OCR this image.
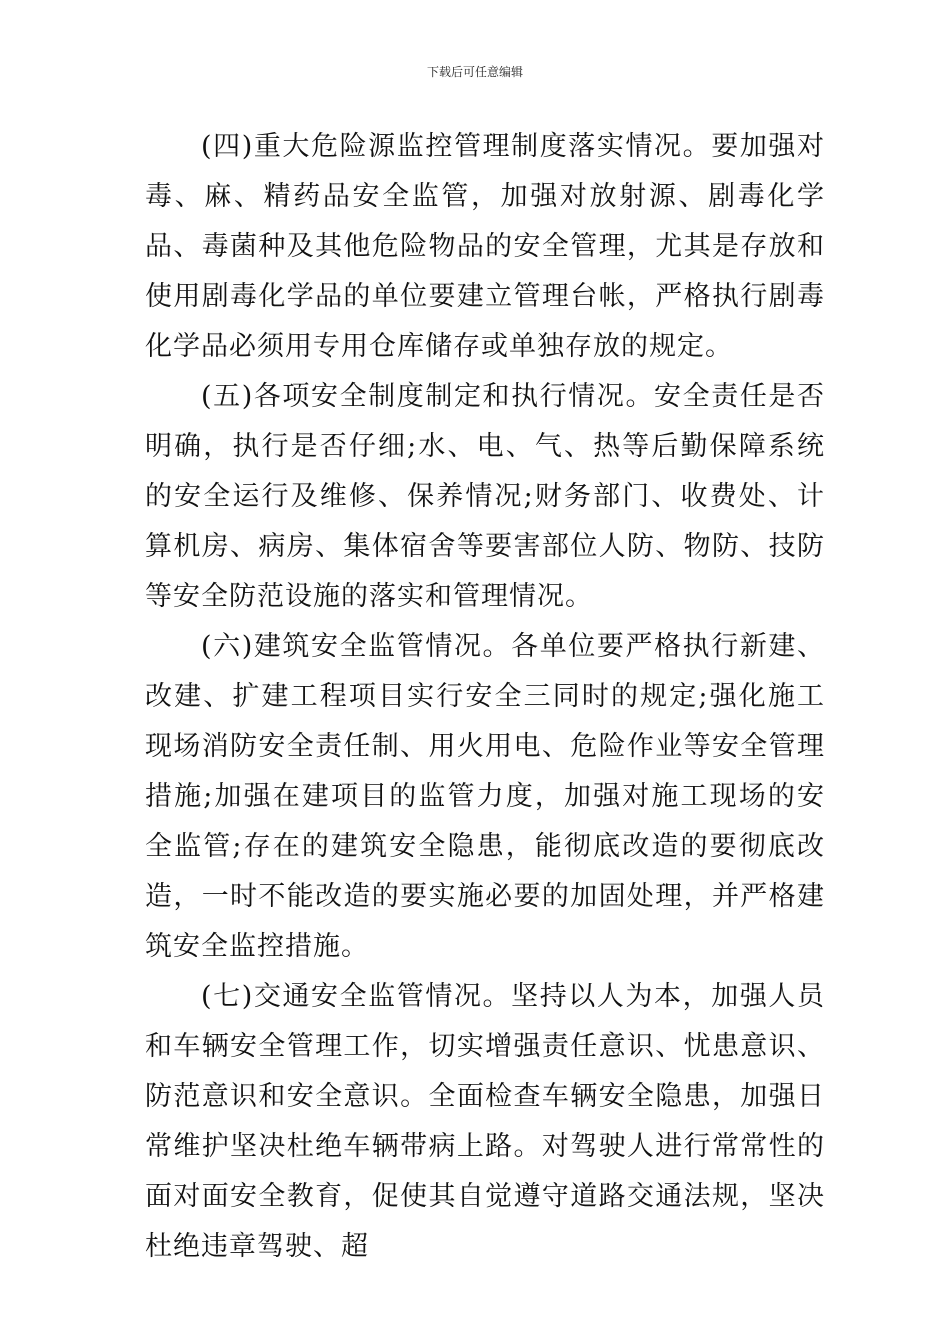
下载后可任意编辑

(四)重大危险源监控管理制度落实情况。要加强对毒、麻、精药品安全监管，加强对放射源、剧毒化学品、毒菌种及其他危险物品的安全管理，尤其是存放和使用剧毒化学品的单位要建立管理台帐，严格执行剧毒化学品必须用专用仓库储存或单独存放的规定。

(五)各项安全制度制定和执行情况。安全责任是否明确，执行是否仔细;水、电、气、热等后勤保障系统的安全运行及维修、保养情况;财务部门、收费处、计算机房、病房、集体宿舍等要害部位人防、物防、技防等安全防范设施的落实和管理情况。

(六)建筑安全监管情况。各单位要严格执行新建、改建、扩建工程项目实行安全三同时的规定;强化施工现场消防安全责任制、用火用电、危险作业等安全管理措施;加强在建项目的监管力度，加强对施工现场的安全监管;存在的建筑安全隐患，能彻底改造的要彻底改造，一时不能改造的要实施必要的加固处理，并严格建筑安全监控措施。

(七)交通安全监管情况。坚持以人为本，加强人员和车辆安全管理工作，切实增强责任意识、忧患意识、防范意识和安全意识。全面检查车辆安全隐患，加强日常维护坚决杜绝车辆带病上路。对驾驶人进行常常性的面对面安全教育，促使其自觉遵守道路交通法规，坚决杜绝违章驾驶、超
